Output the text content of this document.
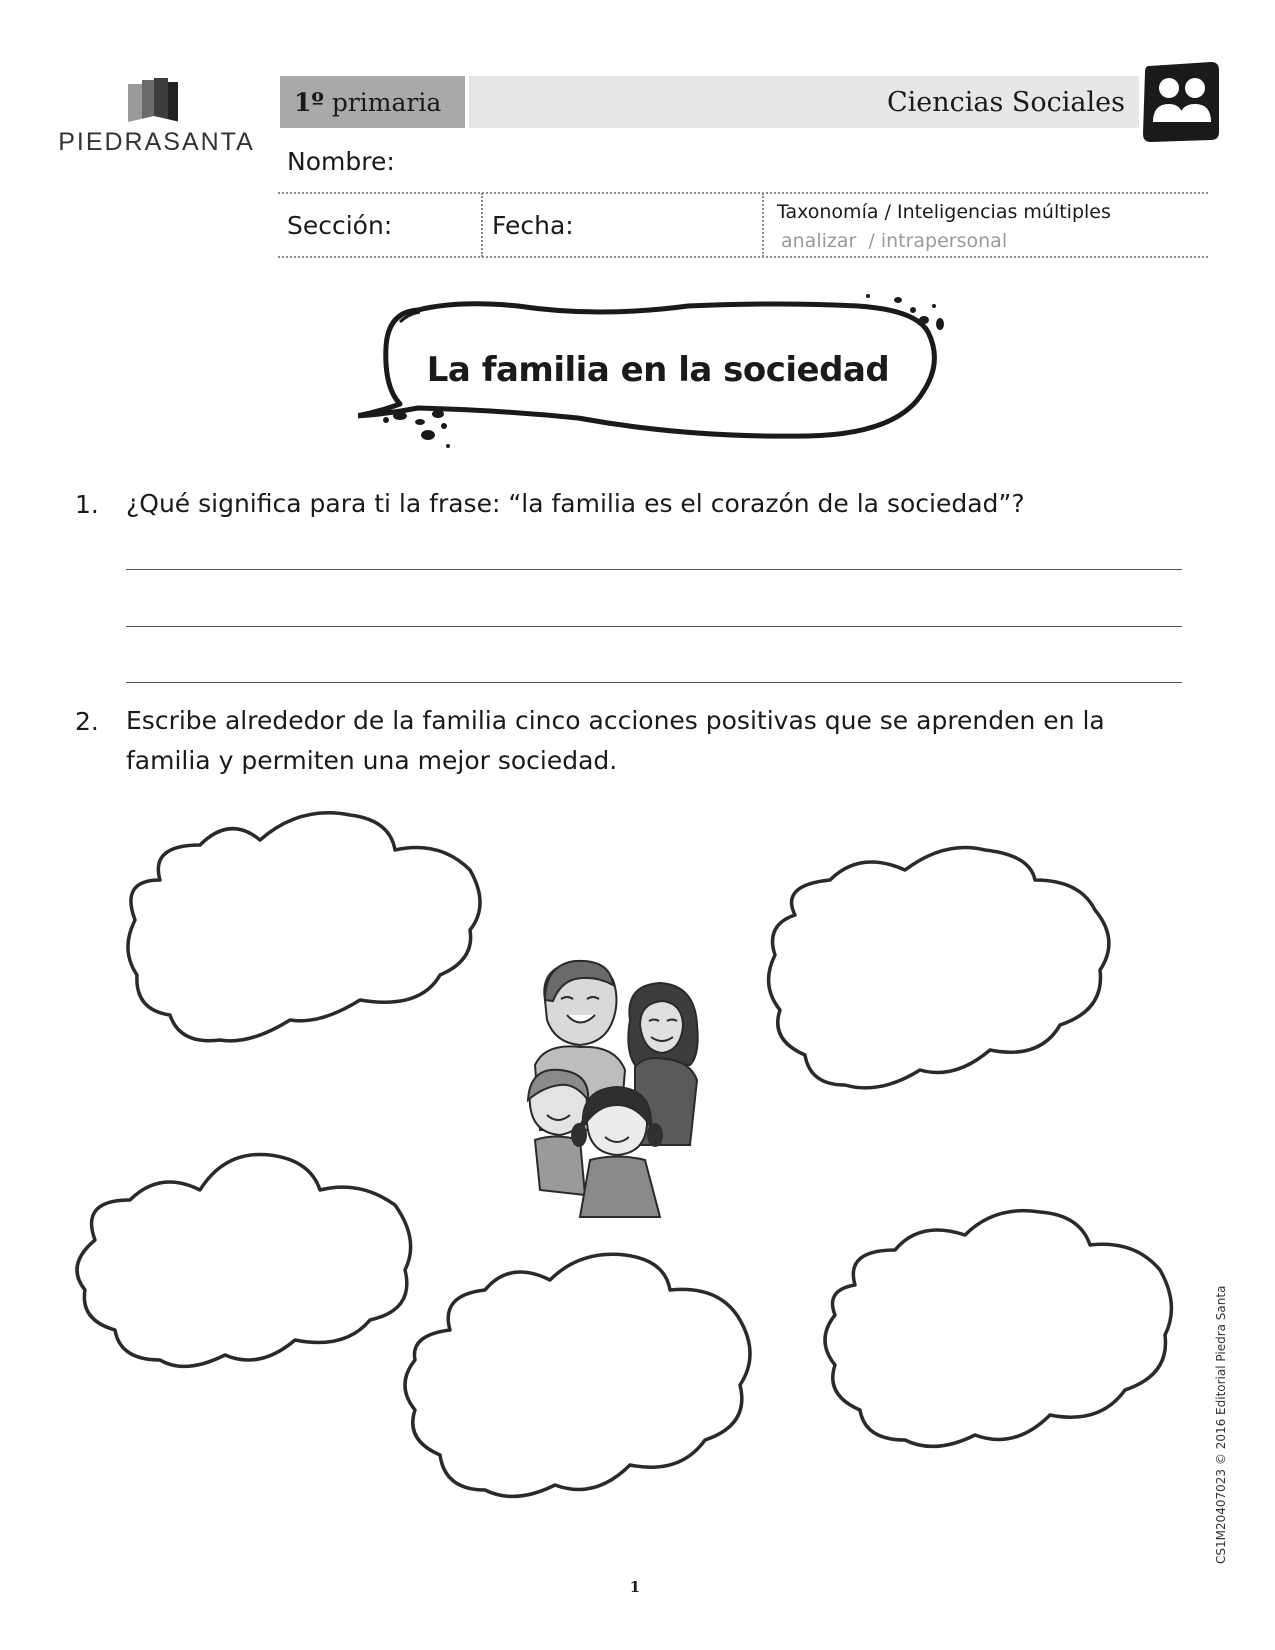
PIEDRASANTA
1º primaria	Ciencias Sociales
Nombre:
Sección:	Fecha:	Taxonomía / Inteligencias múltiples
analizar  / intrapersonal
La familia en la sociedad
1. ¿Qué significa para ti la frase: “la familia es el corazón de la sociedad”?
2. Escribe alrededor de la familia cinco acciones positivas que se aprenden en la
familia y permiten una mejor sociedad.
CS1M20407023 © 2016 Editorial Piedra Santa
1
